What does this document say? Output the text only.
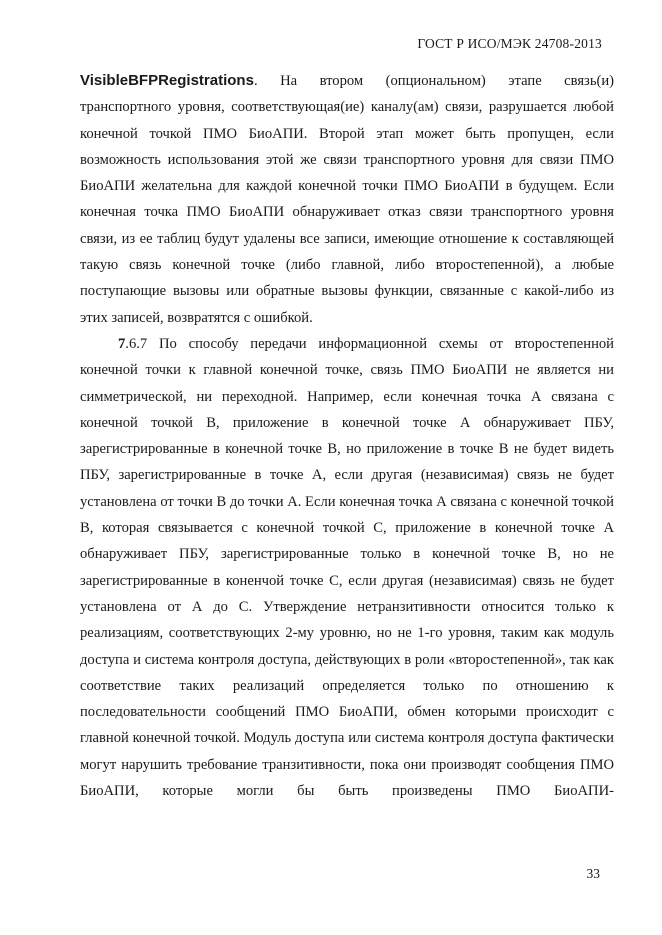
ГОСТ Р ИСО/МЭК 24708-2013

VisibleBFPRegistrations. На втором (опциональном) этапе связь(и) транспортного уровня, соответствующая(ие) каналу(ам) связи, разрушается любой конечной точкой ПМО БиоАПИ. Второй этап может быть пропущен, если возможность использования этой же связи транспортного уровня для связи ПМО БиоАПИ желательна для каждой конечной точки ПМО БиоАПИ в будущем. Если конечная точка ПМО БиоАПИ обнаруживает отказ связи транспортного уровня связи, из ее таблиц будут удалены все записи, имеющие отношение к составляющей такую связь конечной точке (либо главной, либо второстепенной), а любые поступающие вызовы или обратные вызовы функции, связанные с какой-либо из этих записей, возвратятся с ошибкой.

7.6.7 По способу передачи информационной схемы от второстепенной конечной точки к главной конечной точке, связь ПМО БиоАПИ не является ни симметрической, ни переходной. Например, если конечная точка А связана с конечной точкой В, приложение в конечной точке А обнаруживает ПБУ, зарегистрированные в конечной точке В, но приложение в точке В не будет видеть ПБУ, зарегистрированные в точке А, если другая (независимая) связь не будет установлена от точки В до точки А. Если конечная точка А связана с конечной точкой В, которая связывается с конечной точкой С, приложение в конечной точке А обнаруживает ПБУ, зарегистрированные только в конечной точке В, но не зарегистрированные в коненчой точке С, если другая (независимая) связь не будет установлена от А до С. Утверждение нетранзитивности относится только к реализациям, соответствующих 2-му уровню, но не 1-го уровня, таким как модуль доступа и система контроля доступа, действующих в роли «второстепенной», так как соответствие таких реализаций определяется только по отношению к последовательности сообщений ПМО БиоАПИ, обмен которыми происходит с главной конечной точкой. Модуль доступа или система контроля доступа фактически могут нарушить требование транзитивности, пока они производят сообщения ПМО БиоАПИ, которые могли бы быть произведены ПМО БиоАПИ-

33
